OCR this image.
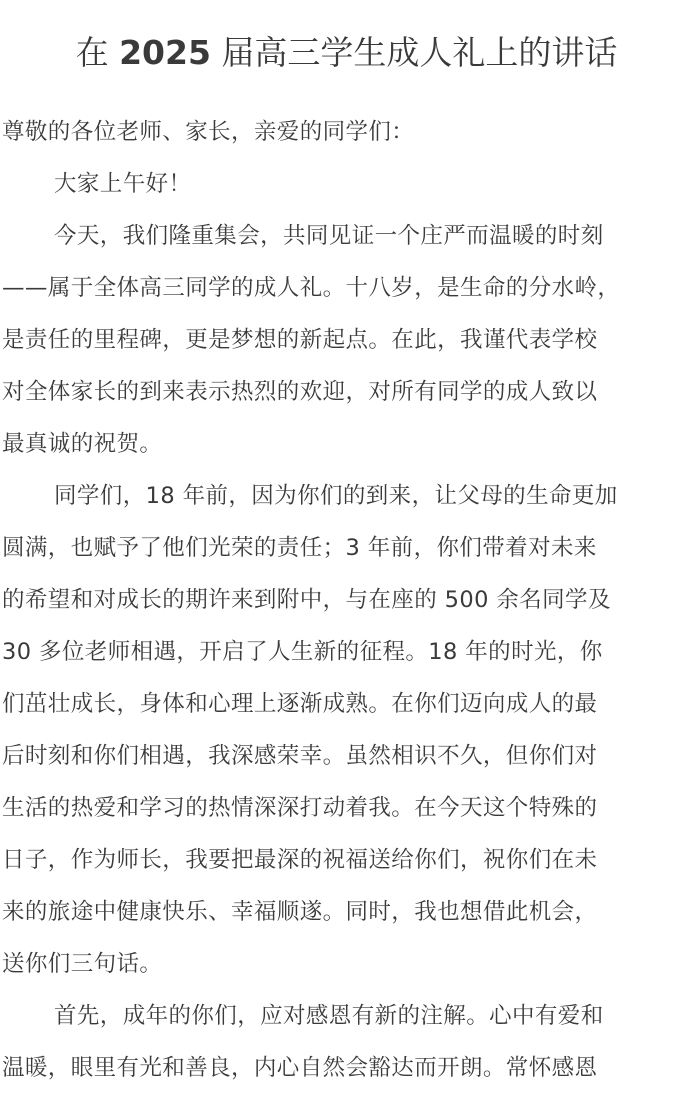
在 2025 届高三学生成人礼上的讲话
尊敬的各位老师、家长，亲爱的同学们：
大家上午好！
今天，我们隆重集会，共同见证一个庄严而温暖的时刻
——属于全体高三同学的成人礼。十八岁，是生命的分水岭，
是责任的里程碑，更是梦想的新起点。在此，我谨代表学校
对全体家长的到来表示热烈的欢迎，对所有同学的成人致以
最真诚的祝贺。
同学们，18 年前，因为你们的到来，让父母的生命更加
圆满，也赋予了他们光荣的责任；3 年前，你们带着对未来
的希望和对成长的期许来到附中，与在座的 500 余名同学及
30 多位老师相遇，开启了人生新的征程。18 年的时光，你
们茁壮成长，身体和心理上逐渐成熟。在你们迈向成人的最
后时刻和你们相遇，我深感荣幸。虽然相识不久，但你们对
生活的热爱和学习的热情深深打动着我。在今天这个特殊的
日子，作为师长，我要把最深的祝福送给你们，祝你们在未
来的旅途中健康快乐、幸福顺遂。同时，我也想借此机会，
送你们三句话。
首先，成年的你们，应对感恩有新的注解。心中有爱和
温暖，眼里有光和善良，内心自然会豁达而开朗。常怀感恩
